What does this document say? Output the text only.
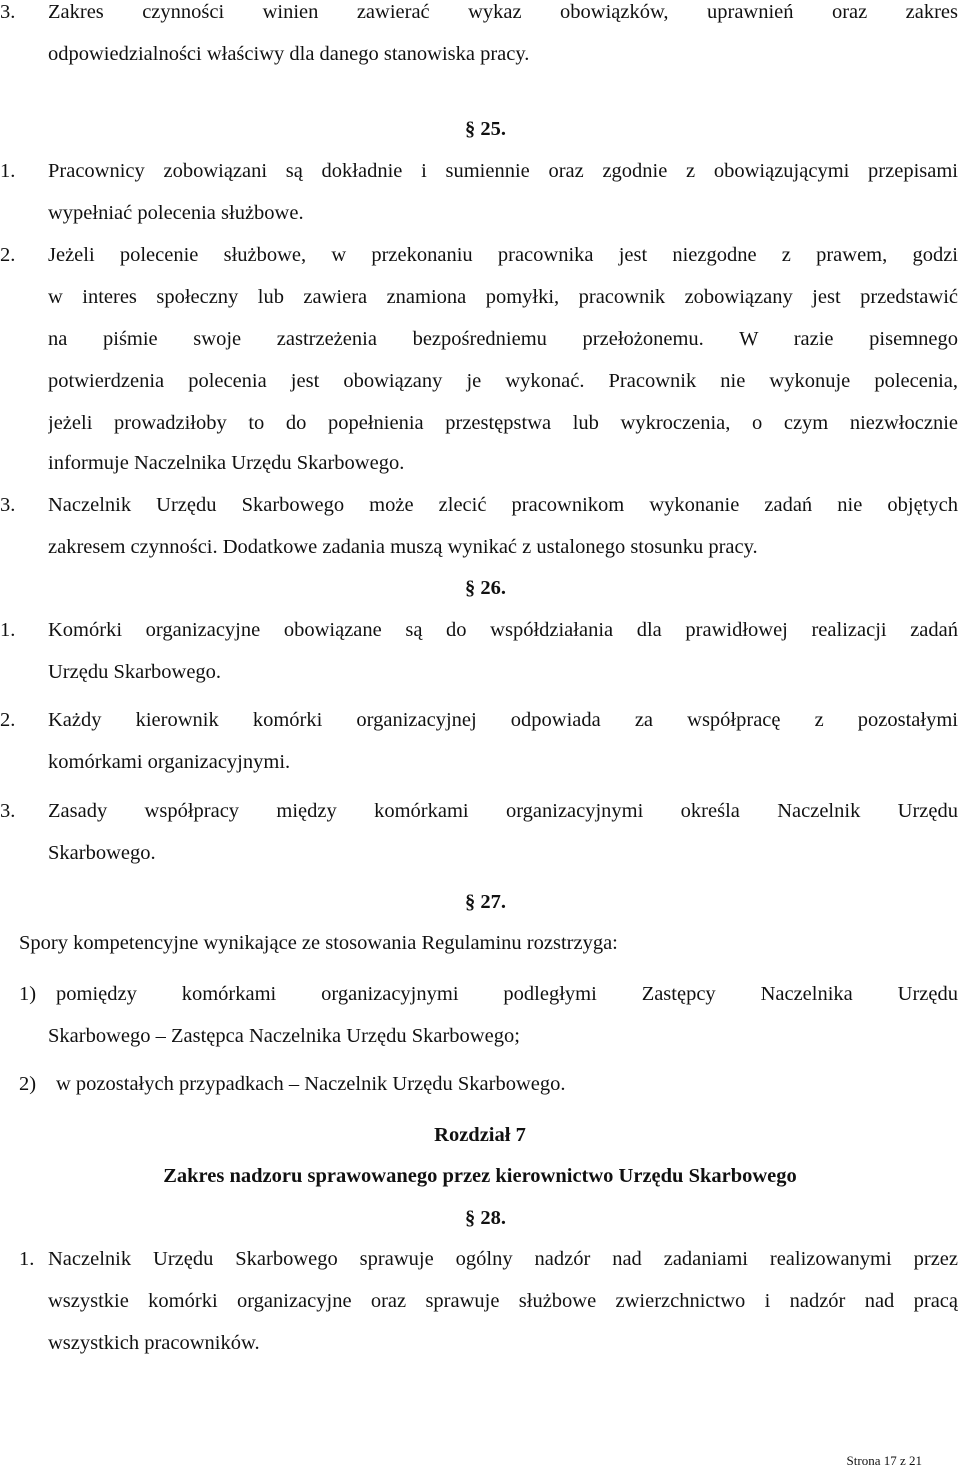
3. Zakres czynności winien zawierać wykaz obowiązków, uprawnień oraz zakres
odpowiedzialności właściwy dla danego stanowiska pracy.
§ 25.
1. Pracownicy zobowiązani są dokładnie i sumiennie oraz zgodnie z obowiązującymi przepisami
wypełniać polecenia służbowe.
2. Jeżeli polecenie służbowe, w przekonaniu pracownika jest niezgodne z prawem, godzi
w interes społeczny lub zawiera znamiona pomyłki, pracownik zobowiązany jest przedstawić
na piśmie swoje zastrzeżenia bezpośredniemu przełożonemu. W razie pisemnego
potwierdzenia polecenia jest obowiązany je wykonać. Pracownik nie wykonuje polecenia,
jeżeli prowadziłoby to do popełnienia przestępstwa lub wykroczenia, o czym niezwłocznie
informuje Naczelnika Urzędu Skarbowego.
3. Naczelnik Urzędu Skarbowego może zlecić pracownikom wykonanie zadań nie objętych
zakresem czynności. Dodatkowe zadania muszą wynikać z ustalonego stosunku pracy.
§ 26.
1. Komórki organizacyjne obowiązane są do współdziałania dla prawidłowej realizacji zadań
Urzędu Skarbowego.
2. Każdy kierownik komórki organizacyjnej odpowiada za współpracę z pozostałymi
komórkami organizacyjnymi.
3. Zasady współpracy między komórkami organizacyjnymi określa Naczelnik Urzędu
Skarbowego.
§ 27.
Spory kompetencyjne wynikające ze stosowania Regulaminu rozstrzyga:
1) pomiędzy komórkami organizacyjnymi podległymi Zastępcy Naczelnika Urzędu
Skarbowego – Zastępca Naczelnika Urzędu Skarbowego;
2) w pozostałych przypadkach – Naczelnik Urzędu Skarbowego.
Rozdział 7
Zakres nadzoru sprawowanego przez kierownictwo Urzędu Skarbowego
§ 28.
1. Naczelnik Urzędu Skarbowego sprawuje ogólny nadzór nad zadaniami realizowanymi przez
wszystkie komórki organizacyjne oraz sprawuje służbowe zwierzchnictwo i nadzór nad pracą
wszystkich pracowników.
Strona 17 z 21
